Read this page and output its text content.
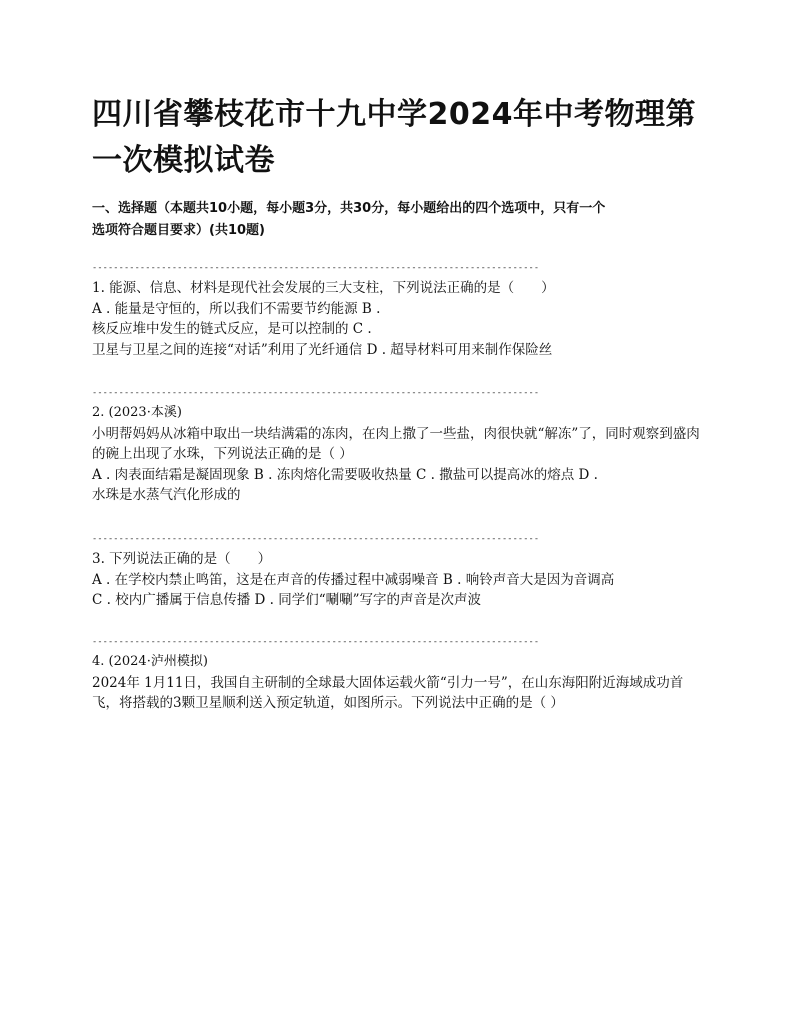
四川省攀枝花市十九中学2024年中考物理第
一次模拟试卷
一、选择题（本题共10小题，每小题3分，共30分，每小题给出的四个选项中，只有一个
选项符合题目要求）(共10题)
------------------------------------------------------------------------------------
1. 能源、信息、材料是现代社会发展的三大支柱，下列说法正确的是（　　）
A . 能量是守恒的，所以我们不需要节约能源 B .
核反应堆中发生的链式反应，是可以控制的 C .
卫星与卫星之间的连接“对话”利用了光纤通信 D . 超导材料可用来制作保险丝
------------------------------------------------------------------------------------
2. (2023·本溪)
小明帮妈妈从冰箱中取出一块结满霜的冻肉，在肉上撒了一些盐，肉很快就“解冻”了，同时观察到盛肉的碗上出现了水珠，下列说法正确的是（ ）
A . 肉表面结霜是凝固现象 B . 冻肉熔化需要吸收热量 C . 撒盐可以提高冰的熔点 D .
水珠是水蒸气汽化形成的
------------------------------------------------------------------------------------
3. 下列说法正确的是（　　）
A . 在学校内禁止鸣笛，这是在声音的传播过程中减弱噪音 B . 响铃声音大是因为音调高
C . 校内广播属于信息传播 D . 同学们“唰唰”写字的声音是次声波
------------------------------------------------------------------------------------
4. (2024·泸州模拟)
2024年 1月11日，我国自主研制的全球最大固体运载火箭“引力一号”，在山东海阳附近海域成功首飞，将搭载的3颗卫星顺利送入预定轨道，如图所示。下列说法中正确的是（ ）
